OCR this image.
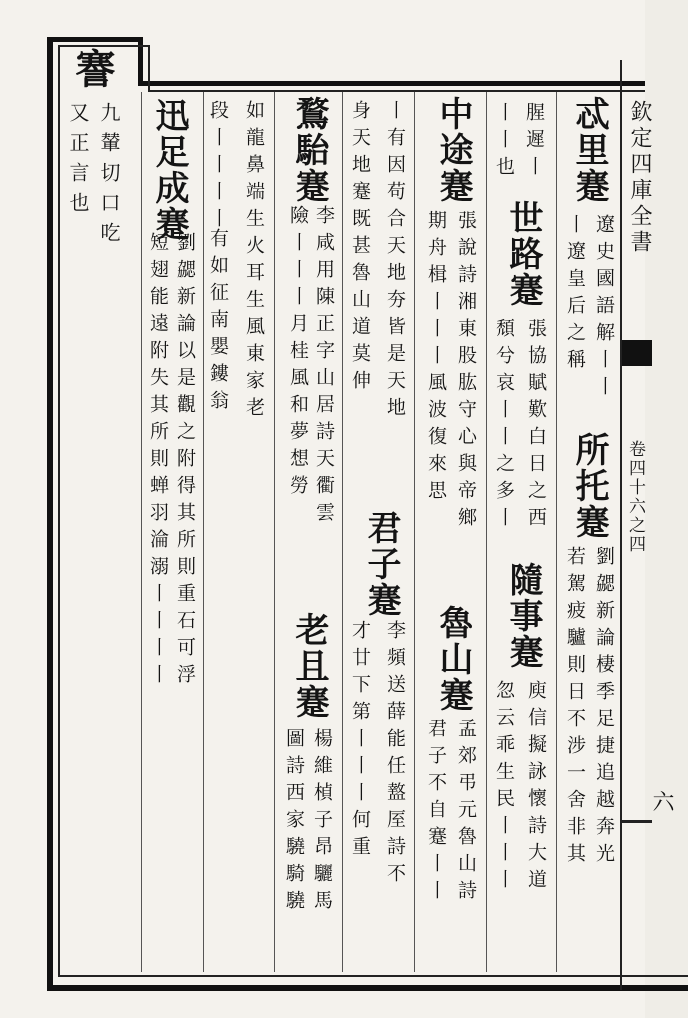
欽定四庫全書
卷四十六之四
六
謇
九輦切口吃
又正言也 迅足成蹇
劉勰新論以是觀之附得其所則重石可浮
短翅能遠附失其所則蝉羽淪溺丨丨丨丨
段丨丨丨丨
有如征南嬰鏤翁 如龍鼻端生火耳生風東家老 鶩駘蹇
李咸用陳正字山居詩天衢雲
險丨丨丨月桂風和夢想勞
老且蹇
楊維楨子昂驪馬
圖詩西家驍騎驍
丨有因苟合天地夯皆是天地
身天地蹇既甚魯山道莫伸
君子蹇
李頻送薛能任盩厔詩不
才廿下第丨丨丨何重
中途蹇
張說詩湘東股肱守心與帝鄉
期舟楫丨丨丨風波復來思
魯山蹇
孟郊弔元魯山詩
君子不自蹇丨丨
腥遲丨
丨丨也
世路蹇
張協賦歎白日之西
頹兮哀丨丨之多丨
隨事蹇
庾信擬詠懷詩大道
忽云乖生民丨丨丨
忒里蹇
遼史國語解丨丨
丨遼皇后之稱
所托蹇
劉勰新論棲季足捷追越奔光
若駕疲驢則日不涉一舍非其
